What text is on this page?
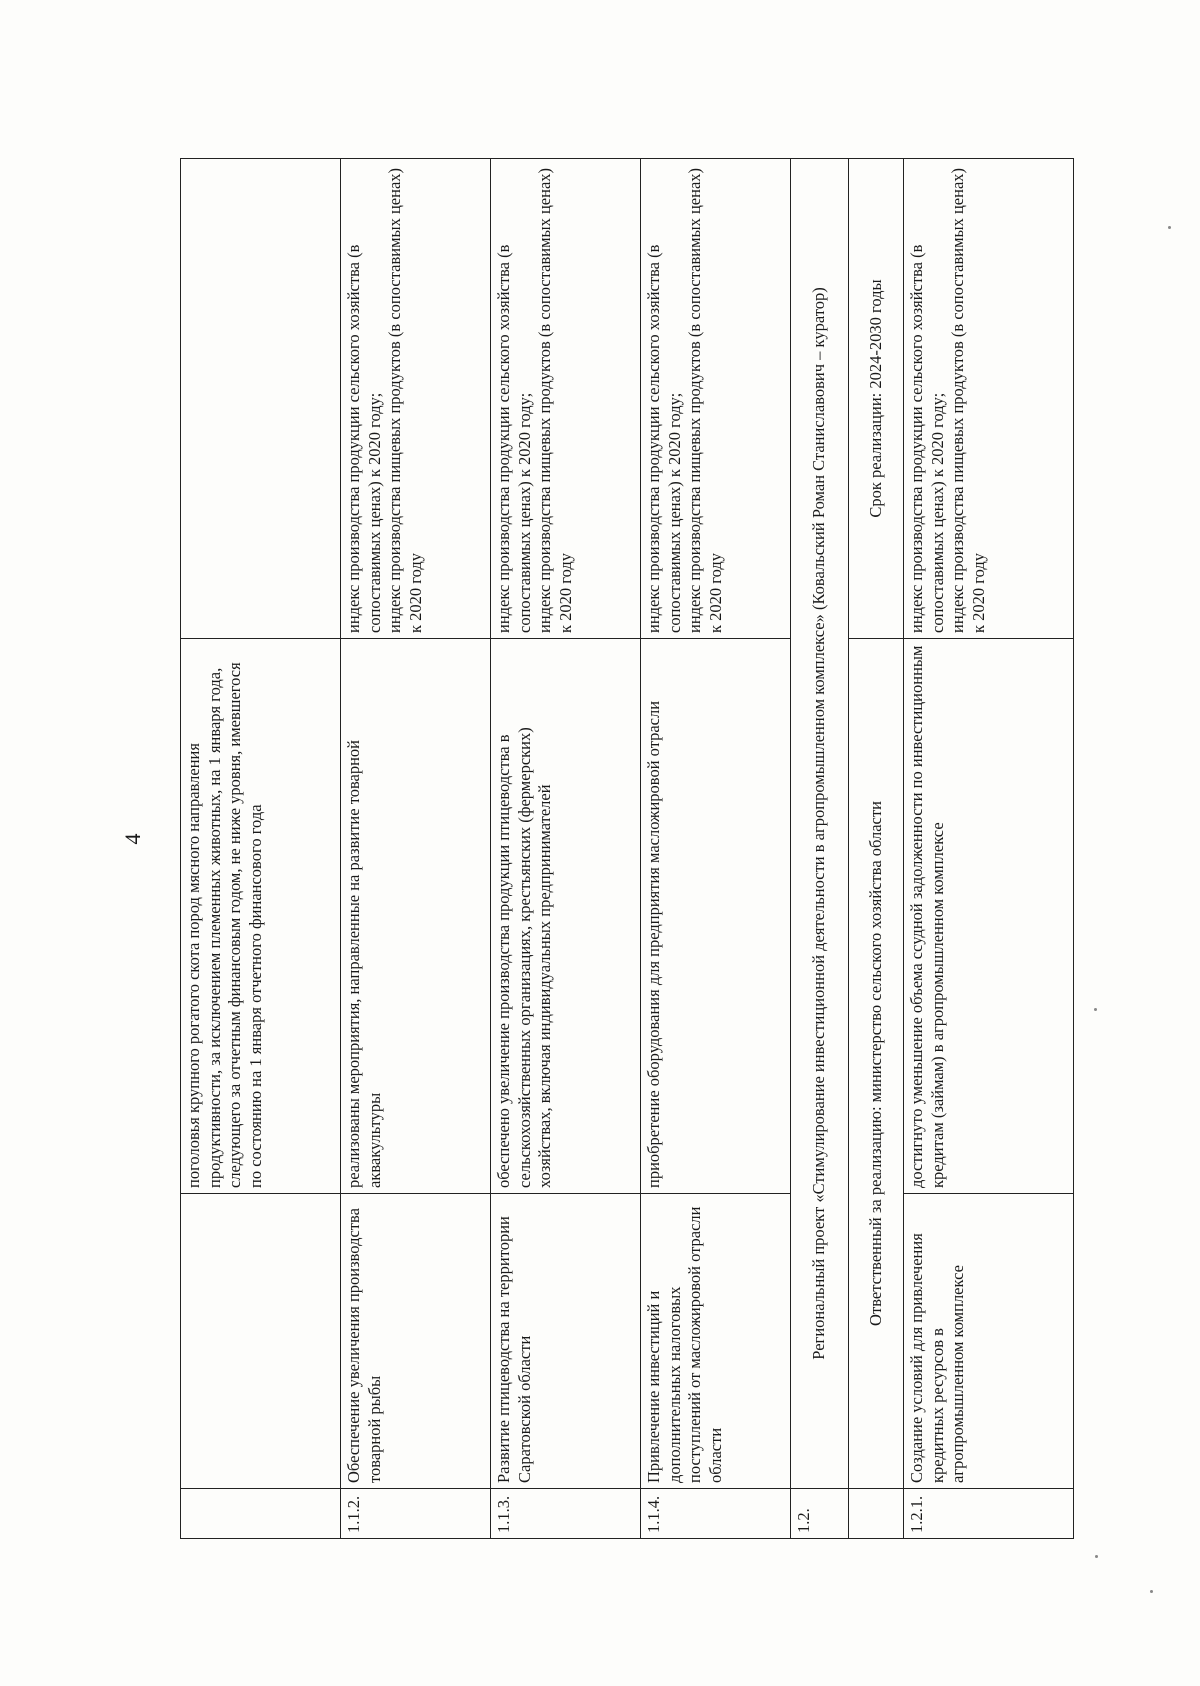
4
		поголовья крупного рогатого скота пород мясного направления продуктивности, за исключением племенных животных, на 1 января года, следующего за отчетным финансовым годом, не ниже уровня, имевшегося по состоянию на 1 января отчетного финансового года	
1.1.2.	Обеспечение увеличения производства товарной рыбы	реализованы мероприятия, направленные на развитие товарной аквакультуры	индекс производства продукции сельского хозяйства (в сопоставимых ценах) к 2020 году; индекс производства пищевых продуктов (в сопоставимых ценах) к 2020 году

1.1.3.	Развитие птицеводства на территории Саратовской области	обеспечено увеличение производства продукции птицеводства в сельскохозяйственных организациях, крестьянских (фермерских) хозяйствах, включая индивидуальных предпринимателей	индекс производства продукции сельского хозяйства (в сопоставимых ценах) к 2020 году; индекс производства пищевых продуктов (в сопоставимых ценах) к 2020 году

1.1.4.	Привлечение инвестиций и дополнительных налоговых поступлений от масложировой отрасли области	приобретение оборудования для предприятия масложировой отрасли	индекс производства продукции сельского хозяйства (в сопоставимых ценах) к 2020 году; индекс производства пищевых продуктов (в сопоставимых ценах) к 2020 году

1.2.	Региональный проект «Стимулирование инвестиционной деятельности в агропромышленном комплексе» (Ковальский Роман Станиславович – куратор)		
	Ответственный за реализацию: министерство сельского хозяйства области		Срок реализации: 2024-2030 годы
1.2.1.	Создание условий для привлечения кредитных ресурсов в агропромышленном комплексе	достигнуто уменьшение объема ссудной задолженности по инвестиционным кредитам (займам) в агропромышленном комплексе	индекс производства продукции сельского хозяйства (в сопоставимых ценах) к 2020 году; индекс производства пищевых продуктов (в сопоставимых ценах) к 2020 году
